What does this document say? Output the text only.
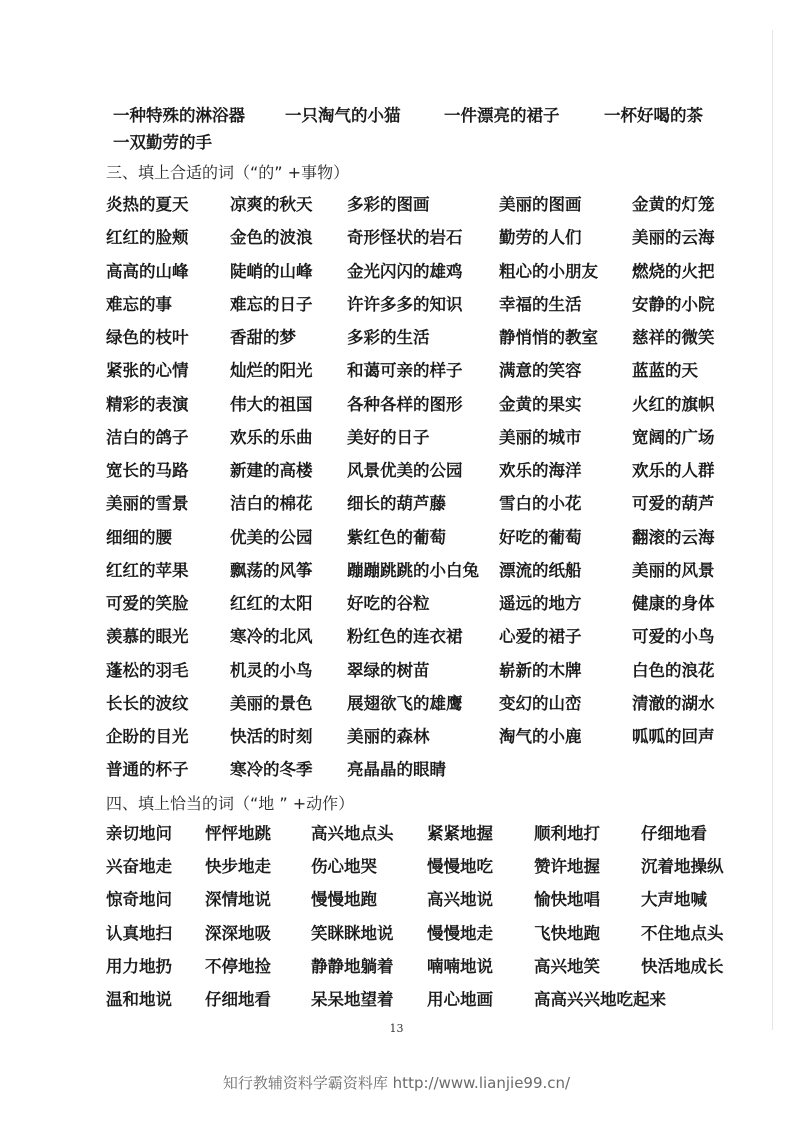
一种特殊的淋浴器 一只淘气的小猫	一件漂亮的裙子	一杯好喝的茶
一双勤劳的手
三、填上合适的词（“的” +事物）
炎热的夏天	凉爽的秋天 多彩的图画	美丽的图画	金黄的灯笼
红红的脸颊	金色的波浪 奇形怪状的岩石 勤劳的人们	美丽的云海
高高的山峰	陡峭的山峰 金光闪闪的雄鸡 粗心的小朋友 燃烧的火把
难忘的事	难忘的日子 许许多多的知识 幸福的生活	安静的小院
绿色的枝叶	香甜的梦	多彩的生活	静悄悄的教室 慈祥的微笑
紧张的心情	灿烂的阳光 和蔼可亲的样子 满意的笑容	蓝蓝的天
精彩的表演	伟大的祖国 各种各样的图形 金黄的果实	火红的旗帜
洁白的鸽子	欢乐的乐曲 美好的日子	美丽的城市	宽阔的广场
宽长的马路	新建的高楼 风景优美的公园 欢乐的海洋	欢乐的人群
美丽的雪景	洁白的棉花 细长的葫芦藤	雪白的小花	可爱的葫芦
细细的腰	优美的公园 紫红色的葡萄	好吃的葡萄	翻滚的云海
红红的苹果	飘荡的风筝 蹦蹦跳跳的小白兔 漂流的纸船	美丽的风景
可爱的笑脸	红红的太阳 好吃的谷粒	遥远的地方	健康的身体
羡慕的眼光	寒冷的北风 粉红色的连衣裙 心爱的裙子	可爱的小鸟
蓬松的羽毛	机灵的小鸟 翠绿的树苗	崭新的木牌	白色的浪花
长长的波纹	美丽的景色 展翅欲飞的雄鹰 变幻的山峦	清澈的湖水
企盼的目光	快活的时刻 美丽的森林	淘气的小鹿	呱呱的回声
普通的杯子	寒冷的冬季 亮晶晶的眼睛
四、填上恰当的词（“地 ” +动作）
亲切地问 怦怦地跳 高兴地点头 紧紧地握 顺利地打 仔细地看
兴奋地走 快步地走 伤心地哭	慢慢地吃 赞许地握 沉着地操纵
惊奇地问 深情地说 慢慢地跑	高兴地说 愉快地唱 大声地喊
认真地扫 深深地吸 笑眯眯地说 慢慢地走 飞快地跑 不住地点头
用力地扔 不停地捡 静静地躺着 喃喃地说 高兴地笑 快活地成长
温和地说 仔细地看 呆呆地望着 用心地画 高高兴兴地吃起来
13
知行教辅资料学霸资料库 http://www.lianjie99.cn/
